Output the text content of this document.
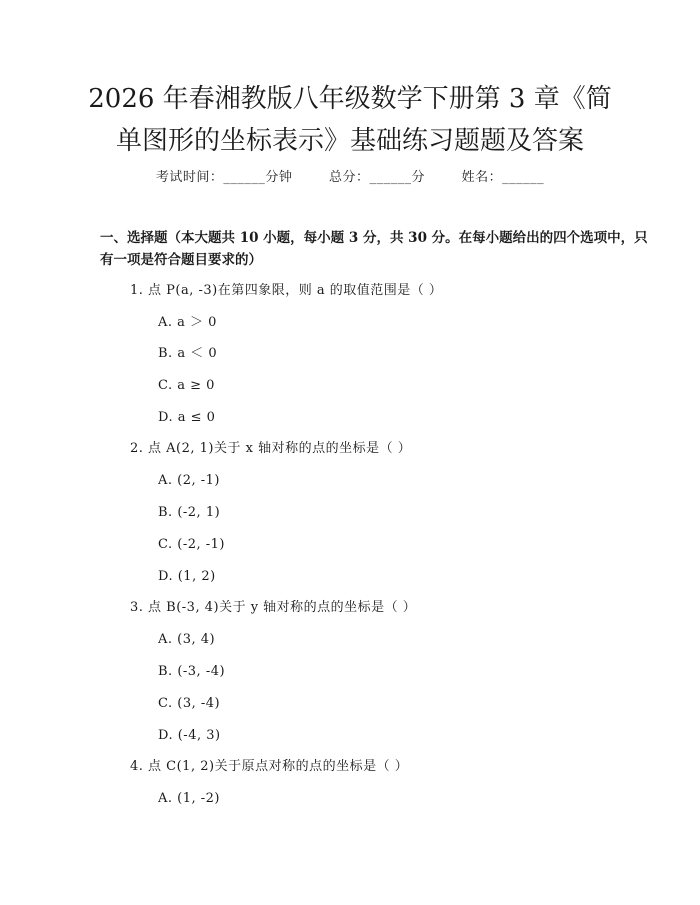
2026 年春湘教版八年级数学下册第 3 章《简
单图形的坐标表示》基础练习题题及答案
考试时间：______分钟	总分：______分	姓名：______

一、选择题（本大题共 10 小题，每小题 3 分，共 30 分。在每小题给出的四个选项中，只有一项是符合题目要求的）

1. 点 P(a, -3)在第四象限，则 a 的取值范围是（ ）
A. a ＞ 0
B. a ＜ 0
C. a ≥ 0
D. a ≤ 0
2. 点 A(2, 1)关于 x 轴对称的点的坐标是（ ）
A. (2, -1)
B. (-2, 1)
C. (-2, -1)
D. (1, 2)
3. 点 B(-3, 4)关于 y 轴对称的点的坐标是（ ）
A. (3, 4)
B. (-3, -4)
C. (3, -4)
D. (-4, 3)
4. 点 C(1, 2)关于原点对称的点的坐标是（ ）
A. (1, -2)
